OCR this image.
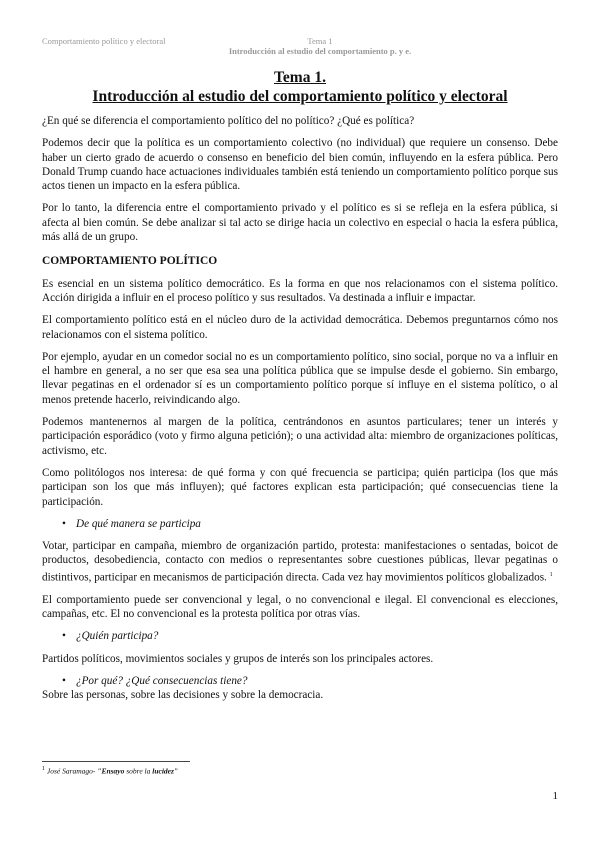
Comportamiento político y electoral	Tema 1
Introducción al estudio del comportamiento p. y e.
Tema 1.
Introducción al estudio del comportamiento político y electoral

¿En qué se diferencia el comportamiento político del no político? ¿Qué es política?

Podemos decir que la política es un comportamiento colectivo (no individual) que requiere un consenso. Debe haber un cierto grado de acuerdo o consenso en beneficio del bien común, influyendo en la esfera pública. Pero Donald Trump cuando hace actuaciones individuales también está teniendo un comportamiento político porque sus actos tienen un impacto en la esfera pública.

Por lo tanto, la diferencia entre el comportamiento privado y el político es si se refleja en la esfera pública, si afecta al bien común. Se debe analizar si tal acto se dirige hacia un colectivo en especial o hacia la esfera pública, más allá de un grupo.

COMPORTAMIENTO POLÍTICO

Es esencial en un sistema político democrático. Es la forma en que nos relacionamos con el sistema político. Acción dirigida a influir en el proceso político y sus resultados. Va destinada a influir e impactar.

El comportamiento político está en el núcleo duro de la actividad democrática. Debemos preguntarnos cómo nos relacionamos con el sistema político.

Por ejemplo, ayudar en un comedor social no es un comportamiento político, sino social, porque no va a influir en el hambre en general, a no ser que esa sea una política pública que se impulse desde el gobierno. Sin embargo, llevar pegatinas en el ordenador sí es un comportamiento político porque sí influye en el sistema político, o al menos pretende hacerlo, reivindicando algo.

Podemos mantenernos al margen de la política, centrándonos en asuntos particulares; tener un interés y participación esporádico (voto y firmo alguna petición); o una actividad alta: miembro de organizaciones políticas, activismo, etc.

Como politólogos nos interesa: de qué forma y con qué frecuencia se participa; quién participa (los que más participan son los que más influyen); qué factores explican esta participación; qué consecuencias tiene la participación.

• De qué manera se participa

Votar, participar en campaña, miembro de organización partido, protesta: manifestaciones o sentadas, boicot de productos, desobediencia, contacto con medios o representantes sobre cuestiones públicas, llevar pegatinas o distintivos, participar en mecanismos de participación directa. Cada vez hay movimientos políticos globalizados. $^1$

El comportamiento puede ser convencional y legal, o no convencional e ilegal. El convencional es elecciones, campañas, etc. El no convencional es la protesta política por otras vías.

• ¿Quién participa?

Partidos políticos, movimientos sociales y grupos de interés son los principales actores.

• ¿Por qué? ¿Qué consecuencias tiene?

Sobre las personas, sobre las decisiones y sobre la democracia.

$^1$ José Saramago- "Ensayo sobre la lucidez"
1
